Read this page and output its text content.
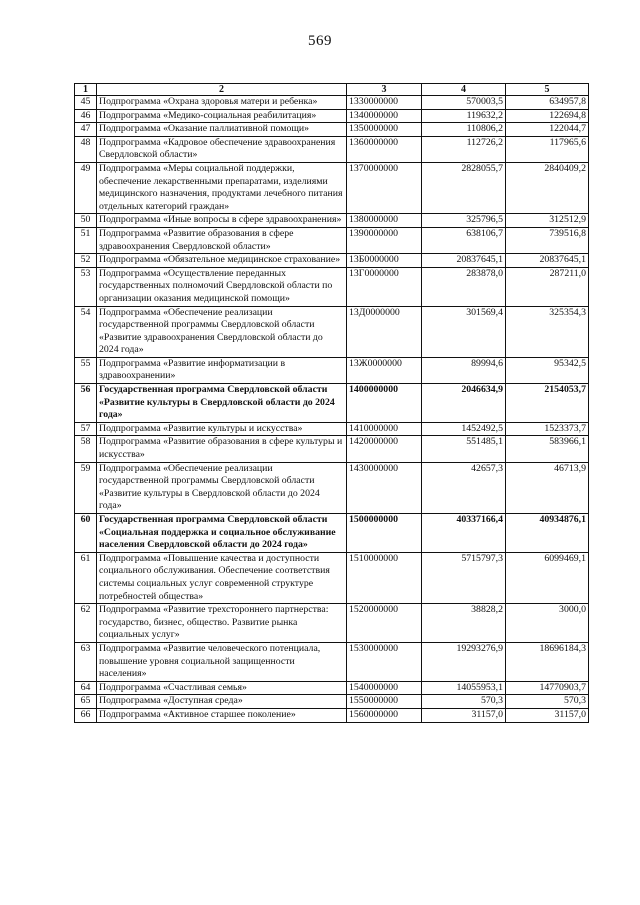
569
1	2	3	4	5
45	Подпрограмма «Охрана здоровья матери и ребенка»	1330000000	570003,5	634957,8
46	Подпрограмма «Медико-социальная реабилитация»	1340000000	119632,2	122694,8
47	Подпрограмма «Оказание паллиативной помощи»	1350000000	110806,2	122044,7
48	Подпрограмма «Кадровое обеспечение здравоохранения Свердловской области»	1360000000	112726,2	117965,6
49	Подпрограмма «Меры социальной поддержки, обеспечение лекарственными препаратами, изделиями медицинского назначения, продуктами лечебного питания отдельных категорий граждан»	1370000000	2828055,7	2840409,2
50	Подпрограмма «Иные вопросы в сфере здравоохранения»	1380000000	325796,5	312512,9
51	Подпрограмма «Развитие образования в сфере здравоохранения Свердловской области»	1390000000	638106,7	739516,8
52	Подпрограмма «Обязательное медицинское страхование»	13Б0000000	20837645,1	20837645,1
53	Подпрограмма «Осуществление переданных государственных полномочий Свердловской области по организации оказания медицинской помощи»	13Г0000000	283878,0	287211,0
54	Подпрограмма «Обеспечение реализации государственной программы Свердловской области «Развитие здравоохранения Свердловской области до 2024 года»	13Д0000000	301569,4	325354,3
55	Подпрограмма «Развитие информатизации в здравоохранении»	13Ж0000000	89994,6	95342,5
56	Государственная программа Свердловской области «Развитие культуры в Свердловской области до 2024 года»	1400000000	2046634,9	2154053,7
57	Подпрограмма «Развитие культуры и искусства»	1410000000	1452492,5	1523373,7
58	Подпрограмма «Развитие образования в сфере культуры и искусства»	1420000000	551485,1	583966,1
59	Подпрограмма «Обеспечение реализации государственной программы Свердловской области «Развитие культуры в Свердловской области до 2024 года»	1430000000	42657,3	46713,9
60	Государственная программа Свердловской области «Социальная поддержка и социальное обслуживание населения Свердловской области до 2024 года»	1500000000	40337166,4	40934876,1
61	Подпрограмма «Повышение качества и доступности социального обслуживания. Обеспечение соответствия системы социальных услуг современной структуре потребностей общества»	1510000000	5715797,3	6099469,1
62	Подпрограмма «Развитие трехстороннего партнерства: государство, бизнес, общество. Развитие рынка социальных услуг»	1520000000	38828,2	3000,0
63	Подпрограмма «Развитие человеческого потенциала, повышение уровня социальной защищенности населения»	1530000000	19293276,9	18696184,3
64	Подпрограмма «Счастливая семья»	1540000000	14055953,1	14770903,7
65	Подпрограмма «Доступная среда»	1550000000	570,3	570,3
66	Подпрограмма «Активное старшее поколение»	1560000000	31157,0	31157,0
